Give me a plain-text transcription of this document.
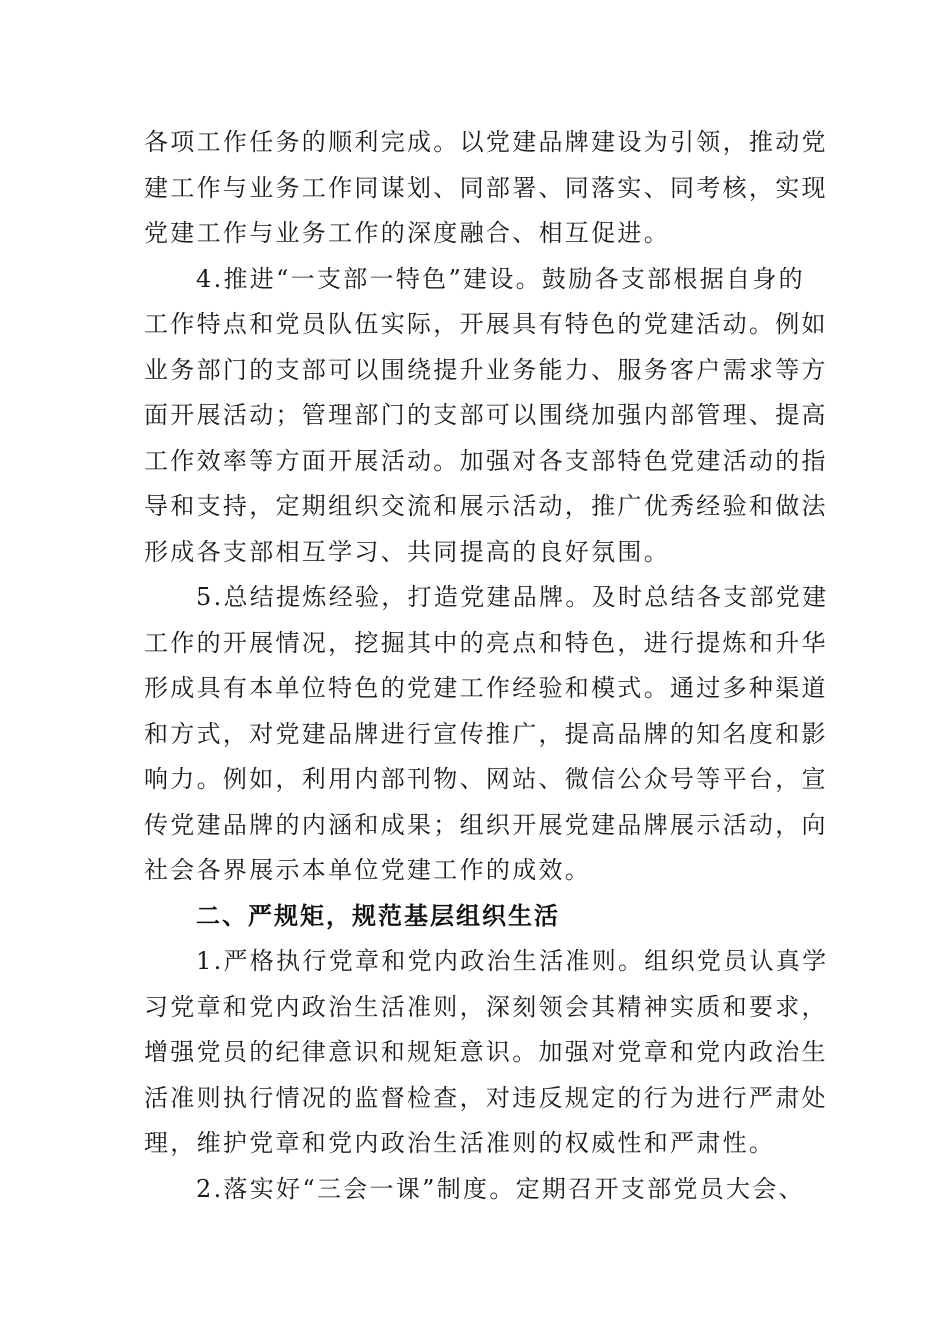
各项工作任务的顺利完成。以党建品牌建设为引领，推动党
建工作与业务工作同谋划、同部署、同落实、同考核，实现
党建工作与业务工作的深度融合、相互促进。

4.推进“一支部一特色”建设。鼓励各支部根据自身的
工作特点和党员队伍实际，开展具有特色的党建活动。例如
业务部门的支部可以围绕提升业务能力、服务客户需求等方
面开展活动；管理部门的支部可以围绕加强内部管理、提高
工作效率等方面开展活动。加强对各支部特色党建活动的指
导和支持，定期组织交流和展示活动，推广优秀经验和做法
形成各支部相互学习、共同提高的良好氛围。

5.总结提炼经验，打造党建品牌。及时总结各支部党建
工作的开展情况，挖掘其中的亮点和特色，进行提炼和升华
形成具有本单位特色的党建工作经验和模式。通过多种渠道
和方式，对党建品牌进行宣传推广，提高品牌的知名度和影
响力。例如，利用内部刊物、网站、微信公众号等平台，宣
传党建品牌的内涵和成果；组织开展党建品牌展示活动，向
社会各界展示本单位党建工作的成效。

二、严规矩，规范基层组织生活

1.严格执行党章和党内政治生活准则。组织党员认真学
习党章和党内政治生活准则，深刻领会其精神实质和要求，
增强党员的纪律意识和规矩意识。加强对党章和党内政治生
活准则执行情况的监督检查，对违反规定的行为进行严肃处
理，维护党章和党内政治生活准则的权威性和严肃性。

2.落实好“三会一课”制度。定期召开支部党员大会、
